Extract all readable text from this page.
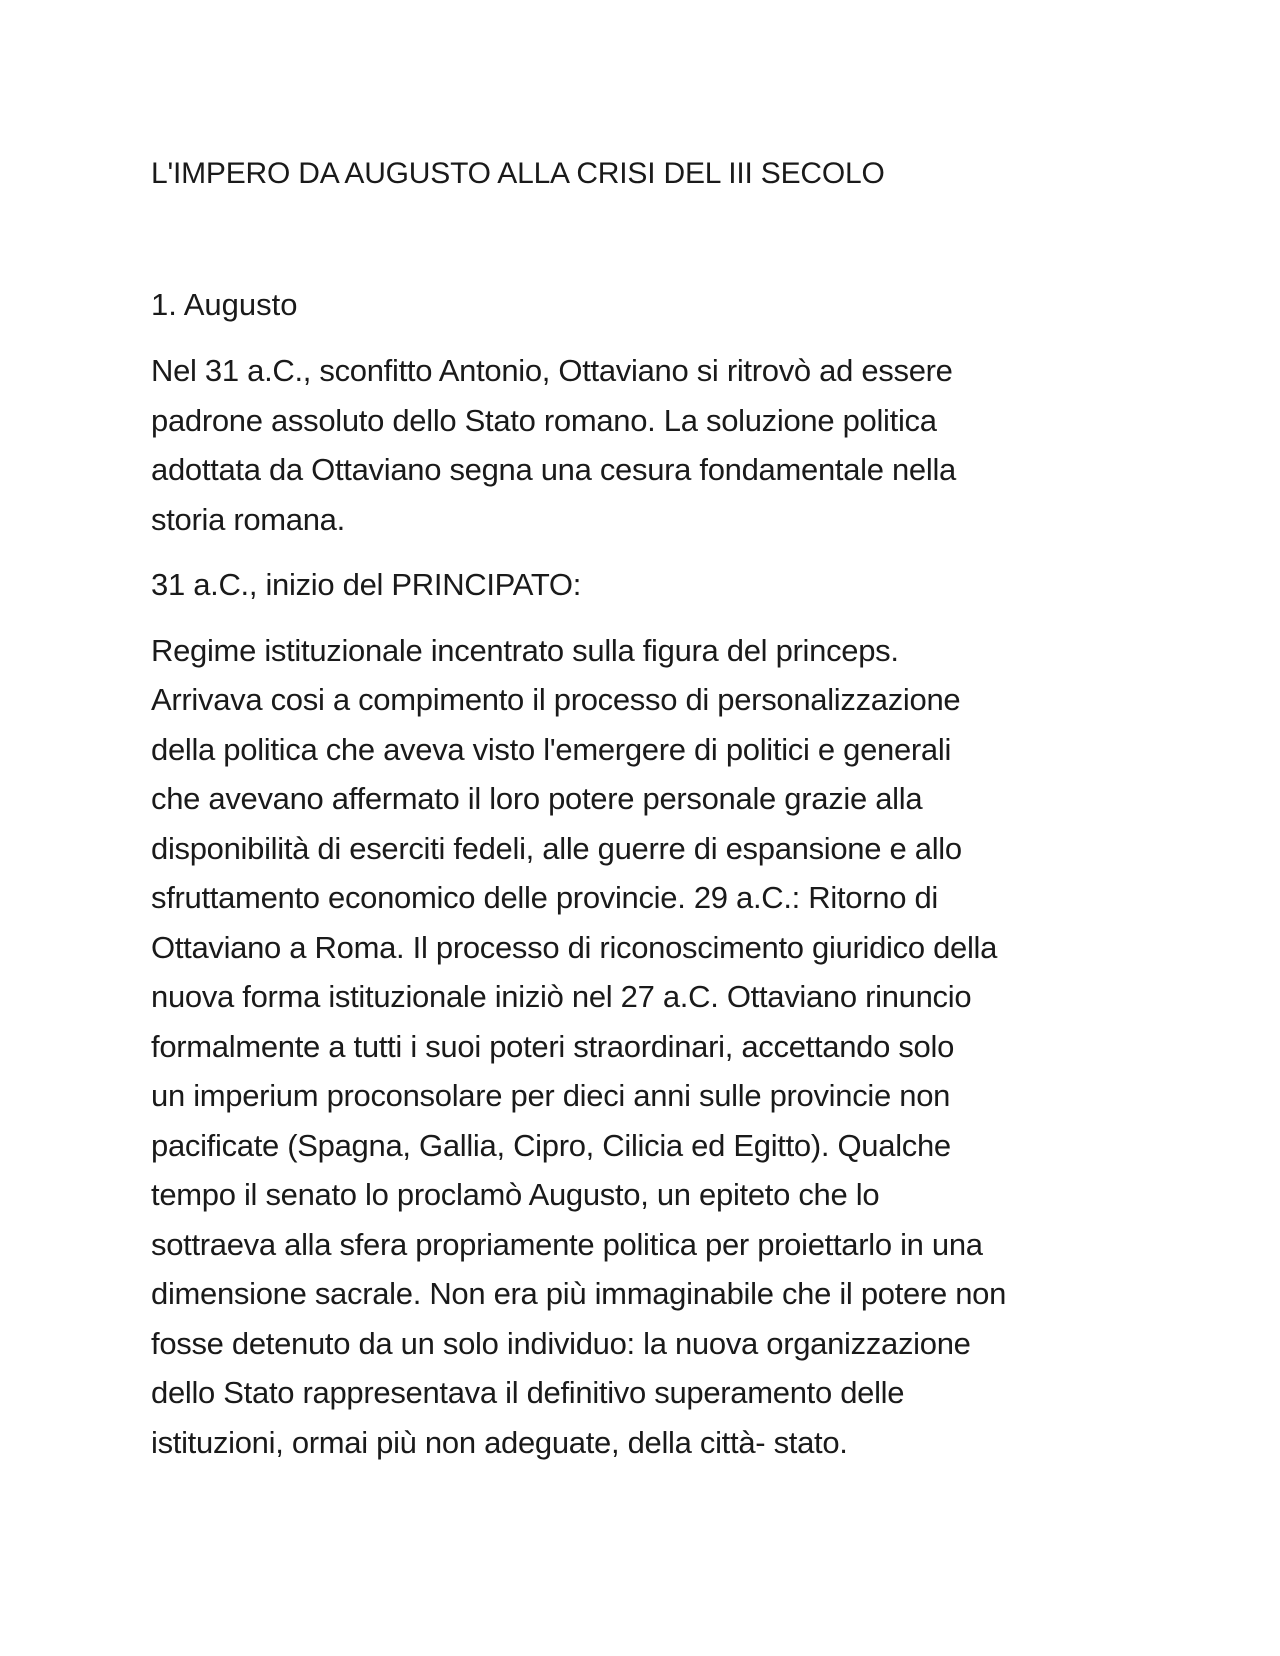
L'IMPERO DA AUGUSTO ALLA CRISI DEL III SECOLO
1. Augusto

Nel 31 a.C., sconfitto Antonio, Ottaviano si ritrovò ad essere
padrone assoluto dello Stato romano. La soluzione politica
adottata da Ottaviano segna una cesura fondamentale nella
storia romana.

31 a.C., inizio del PRINCIPATO:

Regime istituzionale incentrato sulla figura del princeps.
Arrivava cosi a compimento il processo di personalizzazione
della politica che aveva visto l'emergere di politici e generali
che avevano affermato il loro potere personale grazie alla
disponibilità di eserciti fedeli, alle guerre di espansione e allo
sfruttamento economico delle provincie. 29 a.C.: Ritorno di
Ottaviano a Roma. Il processo di riconoscimento giuridico della
nuova forma istituzionale iniziò nel 27 a.C. Ottaviano rinuncio
formalmente a tutti i suoi poteri straordinari, accettando solo
un imperium proconsolare per dieci anni sulle provincie non
pacificate (Spagna, Gallia, Cipro, Cilicia ed Egitto). Qualche
tempo il senato lo proclamò Augusto, un epiteto che lo
sottraeva alla sfera propriamente politica per proiettarlo in una
dimensione sacrale. Non era più immaginabile che il potere non
fosse detenuto da un solo individuo: la nuova organizzazione
dello Stato rappresentava il definitivo superamento delle
istituzioni, ormai più non adeguate, della città- stato.
